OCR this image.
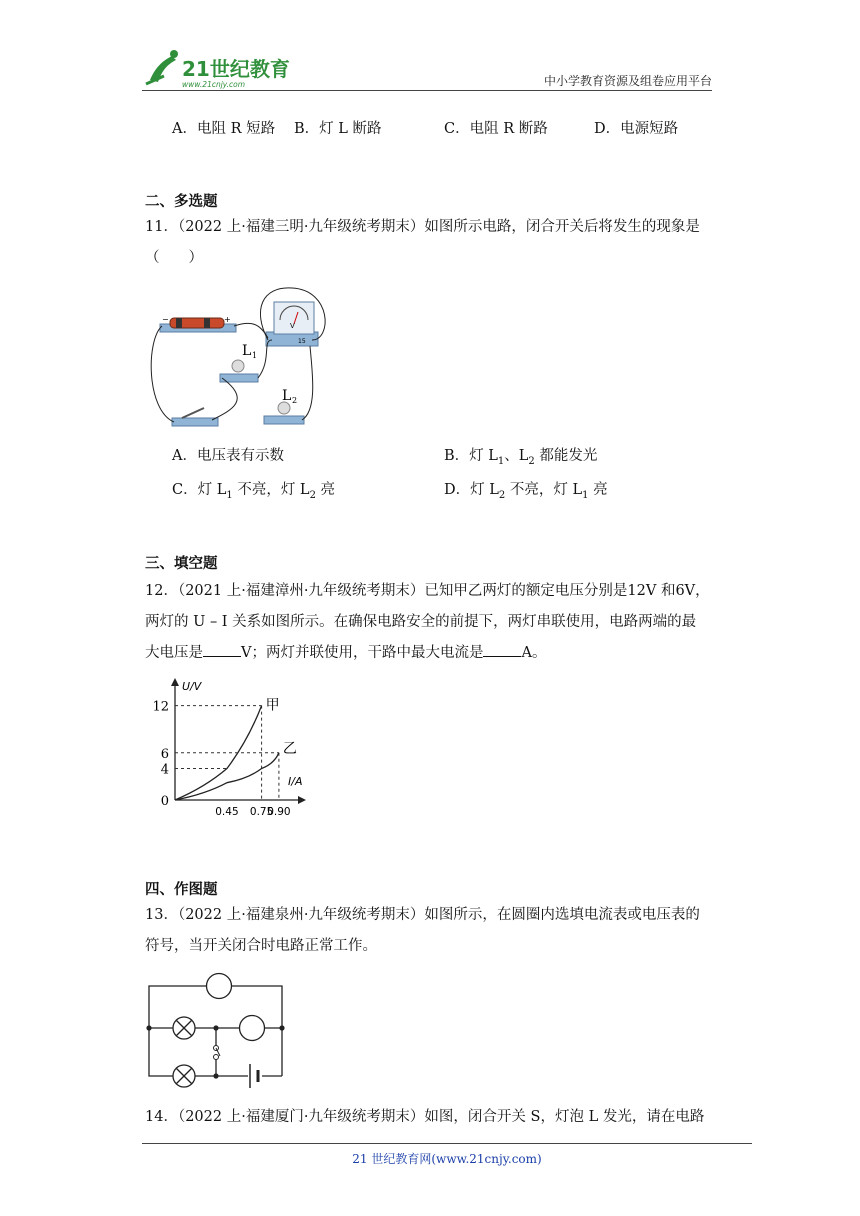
21世纪教育
www.21cnjy.com	中小学教育资源及组卷应用平台
A．电阻 R 短路 B．灯 L 断路	C．电阻 R 断路	D．电源短路
二、多选题
11．（2022 上·福建三明·九年级统考期末）如图所示电路，闭合开关后将发生的现象是
（　　）
−	+
V
15
L 1
L 2
A．电压表有示数	B．灯 $L_1$、$L_2$ 都能发光
C．灯 $L_1$ 不亮，灯 $L_2$ 亮	D．灯 $L_2$ 不亮，灯 $L_1$ 亮
三、填空题
12．（2021 上·福建漳州·九年级统考期末）已知甲乙两灯的额定电压分别是12V 和6V，
两灯的 U – I 关系如图所示。在确保电路安全的前提下，两灯串联使用，电路两端的最
大电压是	V；两灯并联使用，干路中最大电流是	A。
U/V
I/A
12
6
4
0
0.45 0.75
0.90
甲
乙
四、作图题
13．（2022 上·福建泉州·九年级统考期末）如图所示，在圆圈内选填电流表或电压表的
符号，当开关闭合时电路正常工作。
14．（2022 上·福建厦门·九年级统考期末）如图，闭合开关 S，灯泡 L 发光，请在电路
21 世纪教育网(www.21cnjy.com)
